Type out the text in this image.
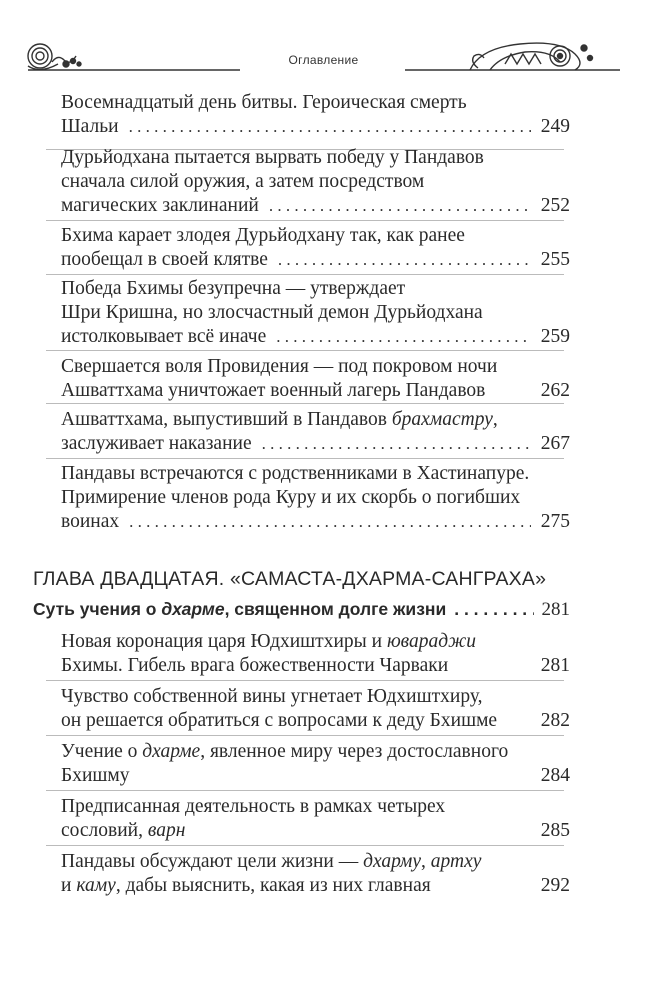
Оглавление
Восемнадцатый день битвы. Героическая смерть
Шальи . . .	249
Дурьйодхана пытается вырвать победу у Пандавов
сначала силой оружия, а затем посредством
магических заклинаний . . .	252
Бхима карает злодея Дурьйодхану так, как ранее
пообещал в своей клятве . . .	255
Победа Бхимы безупречна — утверждает
Шри Кришна, но злосчастный демон Дурьйодхана
истолковывает всё иначе . . .	259
Свершается воля Провидения — под покровом ночи
Ашваттхама уничтожает военный лагерь Пандавов	262
Ашваттхама, выпустивший в Пандавов брахмастру,
заслуживает наказание . . .	267
Пандавы встречаются с родственниками в Хастинапуре.
Примирение членов рода Куру и их скорбь о погибших
воинах . . .	275
ГЛАВА ДВАДЦАТАЯ. «САМАСТА-ДХАРМА-САНГРАХА»
Суть учения о дхарме, священном долге жизни . . .	281
Новая коронация царя Юдхиштхиры и ювараджи
Бхимы. Гибель врага божественности Чарваки	281
Чувство собственной вины угнетает Юдхиштхиру,
он решается обратиться с вопросами к деду Бхишме 282
Учение о дхарме, явленное миру через достославного
Бхишму	284
Предписанная деятельность в рамках четырех
сословий, варн	285
Пандавы обсуждают цели жизни — дхарму, артху
и каму, дабы выяснить, какая из них главная	292
